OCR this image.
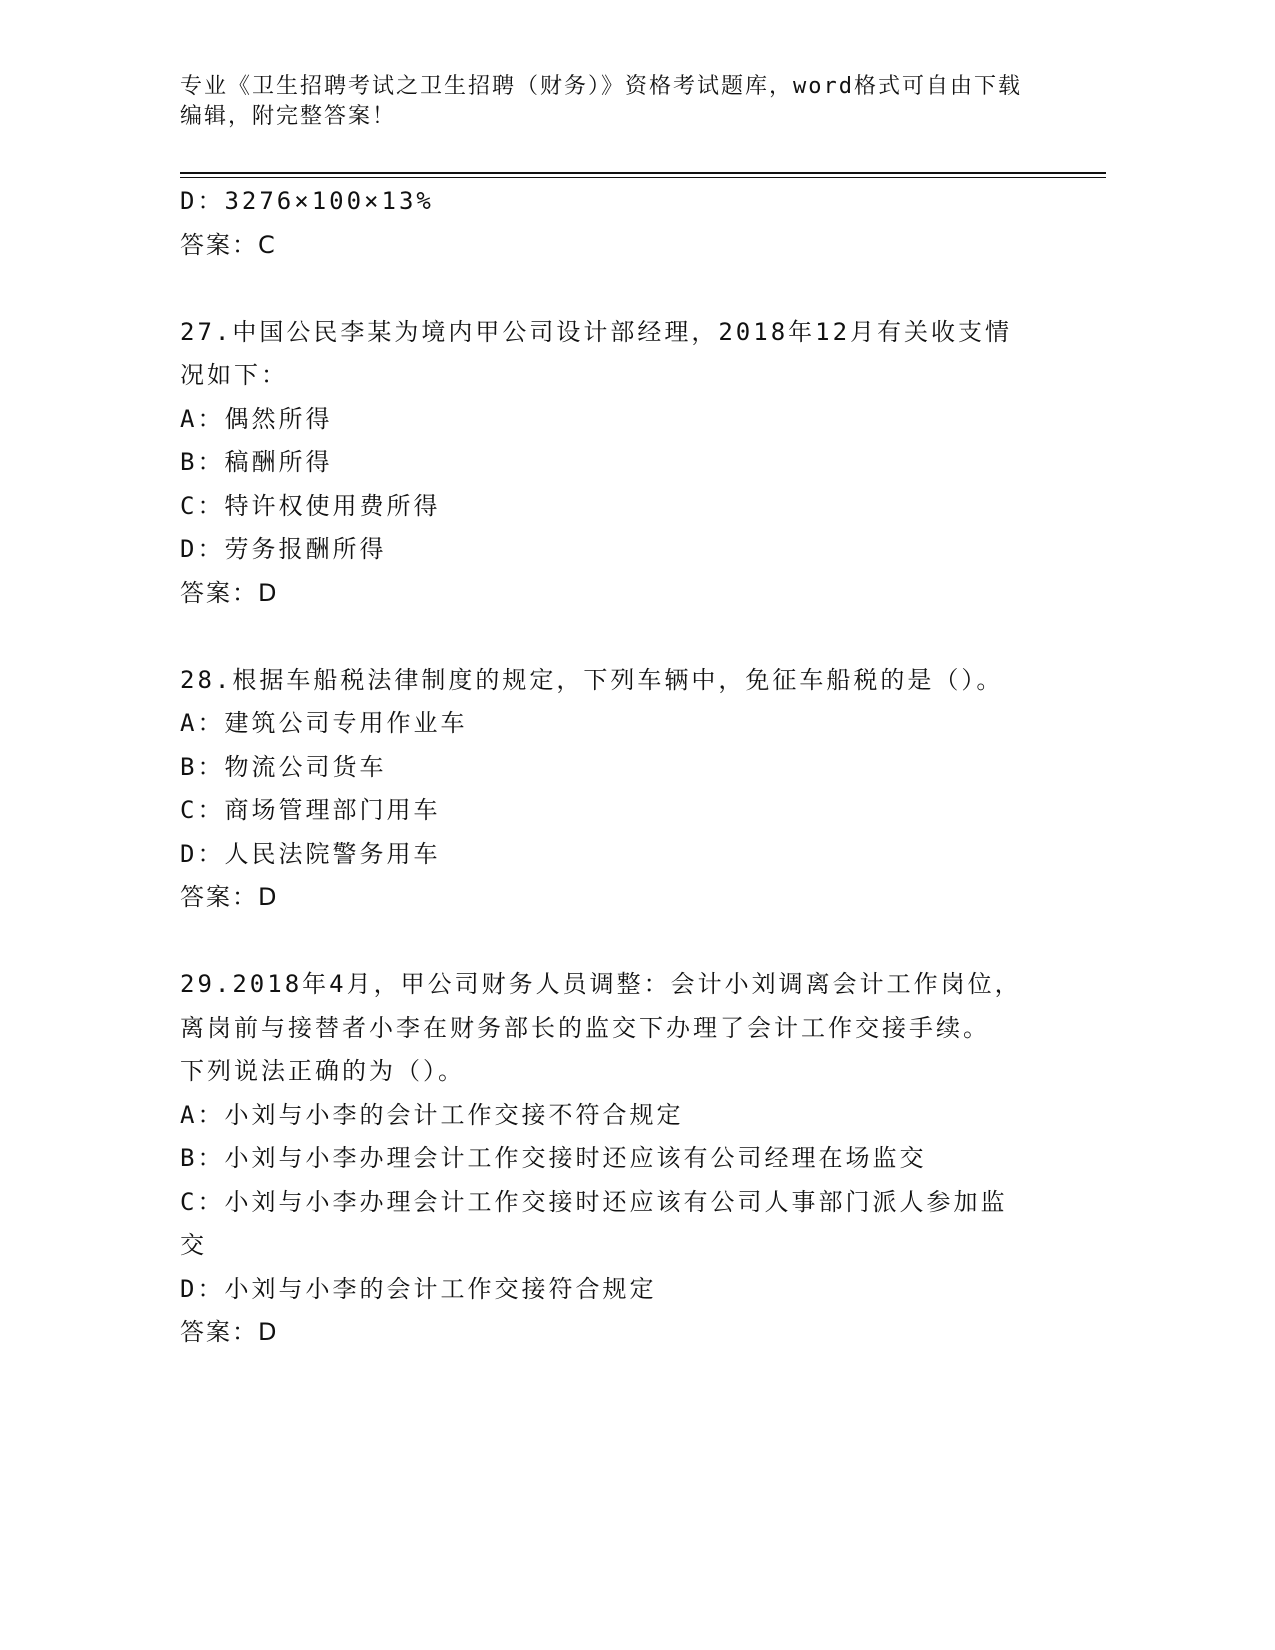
专业《卫生招聘考试之卫生招聘（财务）》资格考试题库，word格式可自由下载
编辑，附完整答案！
D：3276×100×13%
答案：C
27.中国公民李某为境内甲公司设计部经理，2018年12月有关收支情
况如下：
A：偶然所得
B：稿酬所得
C：特许权使用费所得
D：劳务报酬所得
答案：D
28.根据车船税法律制度的规定，下列车辆中，免征车船税的是（）。
A：建筑公司专用作业车
B：物流公司货车
C：商场管理部门用车
D：人民法院警务用车
答案：D
29.2018年4月，甲公司财务人员调整：会计小刘调离会计工作岗位，
离岗前与接替者小李在财务部长的监交下办理了会计工作交接手续。
下列说法正确的为（）。
A：小刘与小李的会计工作交接不符合规定
B：小刘与小李办理会计工作交接时还应该有公司经理在场监交
C：小刘与小李办理会计工作交接时还应该有公司人事部门派人参加监
交
D：小刘与小李的会计工作交接符合规定
答案：D
